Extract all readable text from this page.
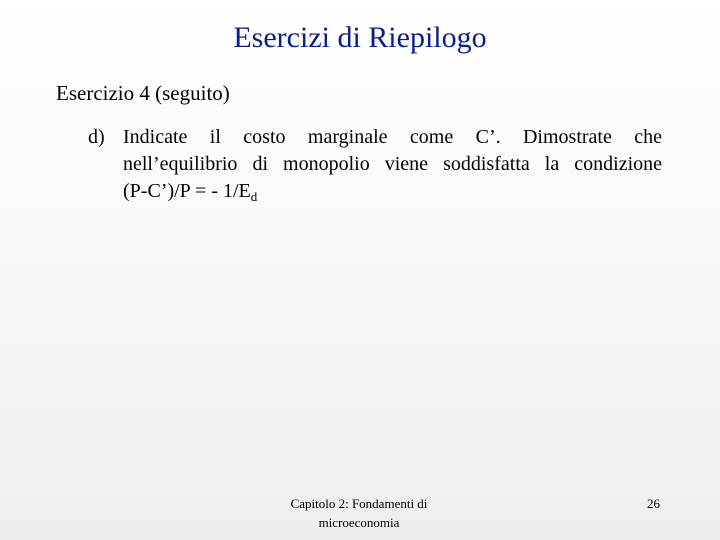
Esercizi di Riepilogo
Esercizio 4 (seguito)
d) Indicate il costo marginale come C’. Dimostrate che
nell’equilibrio di monopolio viene soddisfatta la condizione
(P-C’)/P = - $1/E_d$
Capitolo 2: Fondamenti di
microeconomia
26
